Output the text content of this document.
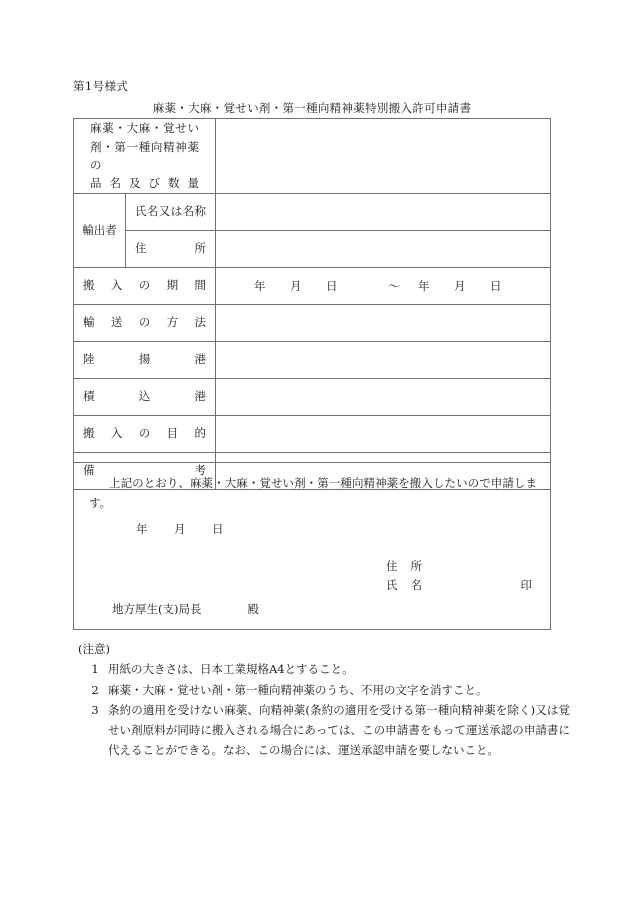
第1号様式
麻薬・大麻・覚せい剤・第一種向精神薬特別搬入許可申請書
麻薬・大麻・覚せい
剤・第一種向精神薬の
品名及び数量		

輸出者	氏名又は名称	

	住所	

搬入の期間		年 月 日 ～ 年 月 日

輸送の方法		

陸揚港		

積込港		

搬入の目的		

備考		

上記のとおり、麻薬・大麻・覚せい剤・第一種向精神薬を搬入したいので申請します。
年 月 日
住所
氏名	印
地方厚生(支)局長	殿
(注意)
1 用紙の大きさは、日本工業規格A4とすること。
2 麻薬・大麻・覚せい剤・第一種向精神薬のうち、不用の文字を消すこと。
3 条約の適用を受けない麻薬、向精神薬(条約の適用を受ける第一種向精神薬を除く)又は覚せい剤原料が同時に搬入される場合にあっては、この申請書をもって運送承認の申請書に代えることができる。なお、この場合には、運送承認申請を要しないこと。
